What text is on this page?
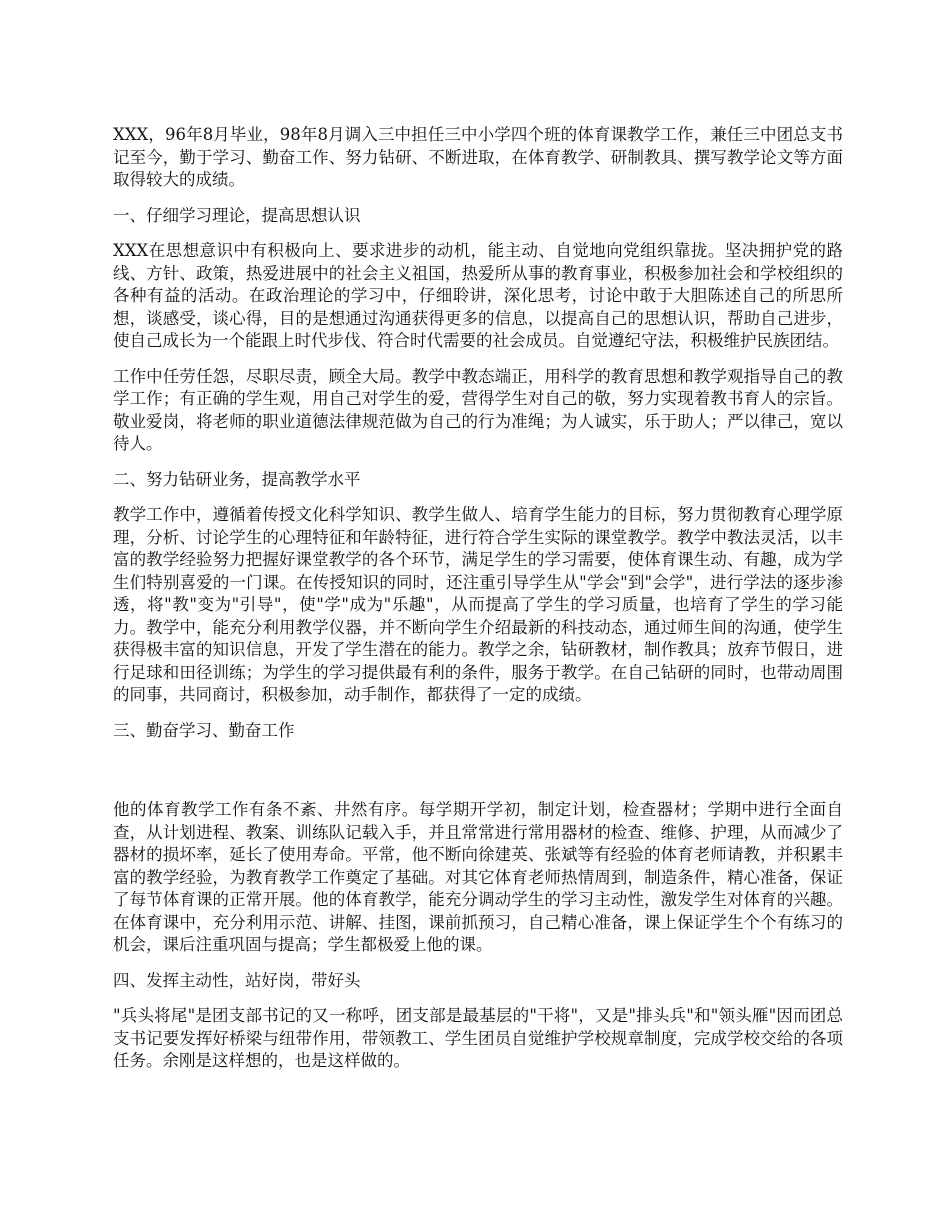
XXX，96年8月毕业，98年8月调入三中担任三中小学四个班的体育课教学工作，兼任三中团总支书记至今，勤于学习、勤奋工作、努力钻研、不断进取，在体育教学、研制教具、撰写教学论文等方面取得较大的成绩。

一、仔细学习理论，提高思想认识

XXX在思想意识中有积极向上、要求进步的动机，能主动、自觉地向党组织靠拢。坚决拥护党的路线、方针、政策，热爱进展中的社会主义祖国，热爱所从事的教育事业，积极参加社会和学校组织的各种有益的活动。在政治理论的学习中，仔细聆讲，深化思考，讨论中敢于大胆陈述自己的所思所想，谈感受，谈心得，目的是想通过沟通获得更多的信息，以提高自己的思想认识，帮助自己进步，使自己成长为一个能跟上时代步伐、符合时代需要的社会成员。自觉遵纪守法，积极维护民族团结。

工作中任劳任怨，尽职尽责，顾全大局。教学中教态端正，用科学的教育思想和教学观指导自己的教学工作；有正确的学生观，用自己对学生的爱，营得学生对自己的敬，努力实现着教书育人的宗旨。敬业爱岗，将老师的职业道德法律规范做为自己的行为准绳；为人诚实，乐于助人；严以律己，宽以待人。

二、努力钻研业务，提高教学水平

教学工作中，遵循着传授文化科学知识、教学生做人、培育学生能力的目标，努力贯彻教育心理学原理，分析、讨论学生的心理特征和年龄特征，进行符合学生实际的课堂教学。教学中教法灵活，以丰富的教学经验努力把握好课堂教学的各个环节，满足学生的学习需要，使体育课生动、有趣，成为学生们特别喜爱的一门课。在传授知识的同时，还注重引导学生从"学会"到"会学"，进行学法的逐步渗透，将"教"变为"引导"，使"学"成为"乐趣"，从而提高了学生的学习质量，也培育了学生的学习能力。教学中，能充分利用教学仪器，并不断向学生介绍最新的科技动态，通过师生间的沟通，使学生获得极丰富的知识信息，开发了学生潜在的能力。教学之余，钻研教材，制作教具；放弃节假日，进行足球和田径训练；为学生的学习提供最有利的条件，服务于教学。在自己钻研的同时，也带动周围的同事，共同商讨，积极参加，动手制作，都获得了一定的成绩。

三、勤奋学习、勤奋工作

他的体育教学工作有条不紊、井然有序。每学期开学初，制定计划，检查器材；学期中进行全面自查，从计划进程、教案、训练队记载入手，并且常常进行常用器材的检查、维修、护理，从而减少了器材的损坏率，延长了使用寿命。平常，他不断向徐建英、张斌等有经验的体育老师请教，并积累丰富的教学经验，为教育教学工作奠定了基础。对其它体育老师热情周到，制造条件，精心准备，保证了每节体育课的正常开展。他的体育教学，能充分调动学生的学习主动性，激发学生对体育的兴趣。在体育课中，充分利用示范、讲解、挂图，课前抓预习，自己精心准备，课上保证学生个个有练习的机会，课后注重巩固与提高；学生都极爱上他的课。

四、发挥主动性，站好岗，带好头

"兵头将尾"是团支部书记的又一称呼，团支部是最基层的"干将"，又是"排头兵"和"领头雁"因而团总支书记要发挥好桥梁与纽带作用，带领教工、学生团员自觉维护学校规章制度，完成学校交给的各项任务。余刚是这样想的，也是这样做的。
